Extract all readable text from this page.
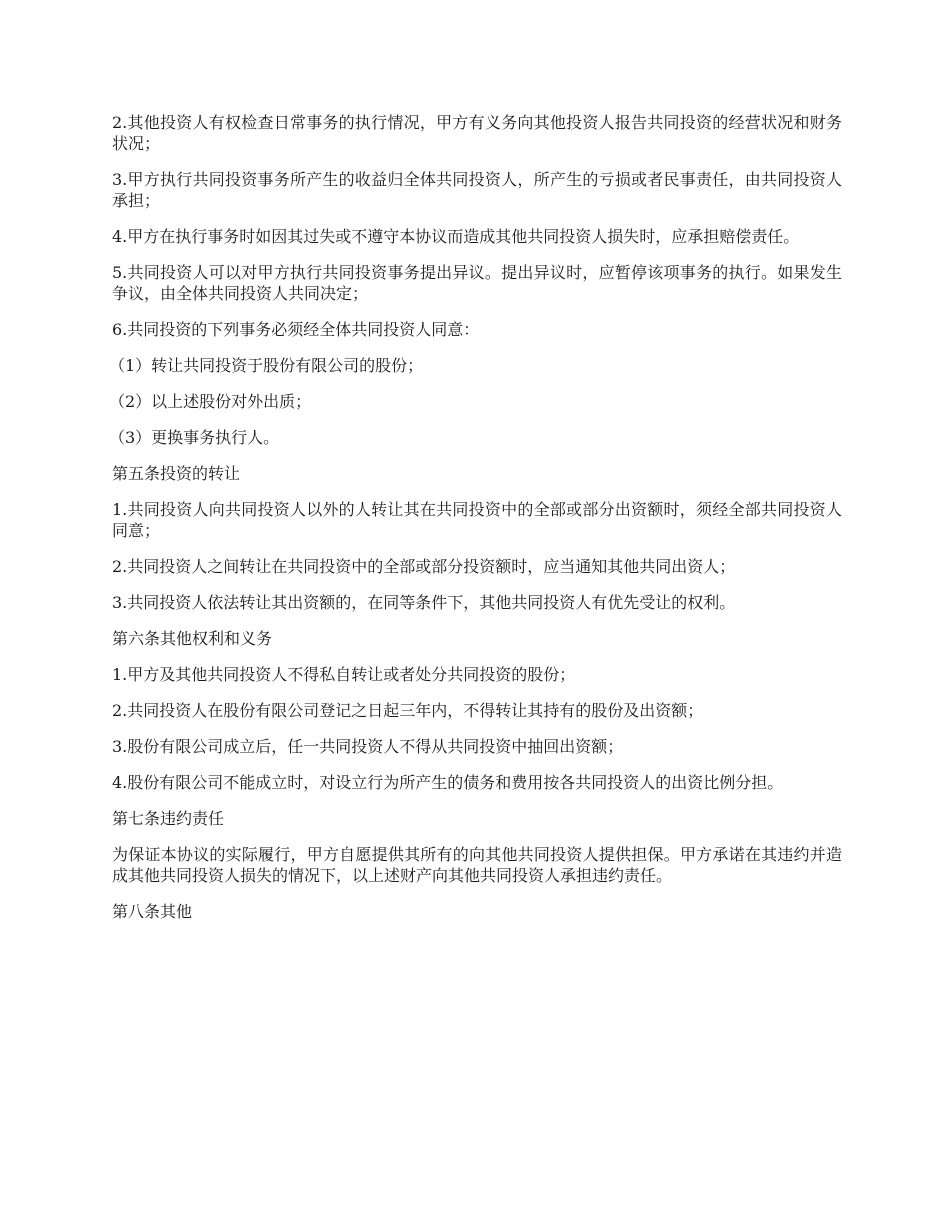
2.其他投资人有权检查日常事务的执行情况，甲方有义务向其他投资人报告共同投资的经营状况和财务状况；

3.甲方执行共同投资事务所产生的收益归全体共同投资人，所产生的亏损或者民事责任，由共同投资人承担；

4.甲方在执行事务时如因其过失或不遵守本协议而造成其他共同投资人损失时，应承担赔偿责任。

5.共同投资人可以对甲方执行共同投资事务提出异议。提出异议时，应暂停该项事务的执行。如果发生争议，由全体共同投资人共同决定；

6.共同投资的下列事务必须经全体共同投资人同意：

（1）转让共同投资于股份有限公司的股份；

（2）以上述股份对外出质；

（3）更换事务执行人。

第五条投资的转让

1.共同投资人向共同投资人以外的人转让其在共同投资中的全部或部分出资额时，须经全部共同投资人同意；

2.共同投资人之间转让在共同投资中的全部或部分投资额时，应当通知其他共同出资人；

3.共同投资人依法转让其出资额的，在同等条件下，其他共同投资人有优先受让的权利。

第六条其他权利和义务

1.甲方及其他共同投资人不得私自转让或者处分共同投资的股份；

2.共同投资人在股份有限公司登记之日起三年内，不得转让其持有的股份及出资额；

3.股份有限公司成立后，任一共同投资人不得从共同投资中抽回出资额；

4.股份有限公司不能成立时，对设立行为所产生的债务和费用按各共同投资人的出资比例分担。

第七条违约责任

为保证本协议的实际履行，甲方自愿提供其所有的向其他共同投资人提供担保。甲方承诺在其违约并造成其他共同投资人损失的情况下，以上述财产向其他共同投资人承担违约责任。

第八条其他
